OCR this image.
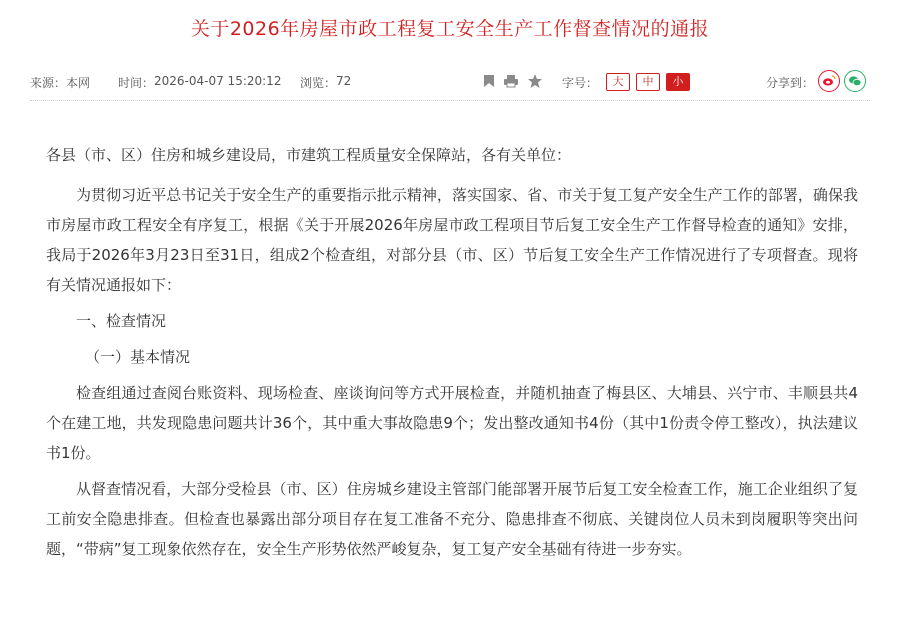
关于2026年房屋市政工程复工安全生产工作督查情况的通报
来源： 本网 时间： 2026-04-07 15:20:12 浏览： 72	字号：	大	中	小	分享到：

各县（市、区）住房和城乡建设局，市建筑工程质量安全保障站，各有关单位：

为贯彻习近平总书记关于安全生产的重要指示批示精神，落实国家、省、市关于复工复产安全生产工作的部署，确保我市房屋市政工程安全有序复工，根据《关于开展2026年房屋市政工程项目节后复工安全生产工作督导检查的通知》安排，我局于2026年3月23日至31日，组成2个检查组，对部分县（市、区）节后复工安全生产工作情况进行了专项督查。现将有关情况通报如下：

一、检查情况

（一）基本情况

检查组通过查阅台账资料、现场检查、座谈询问等方式开展检查，并随机抽查了梅县区、大埔县、兴宁市、丰顺县共4个在建工地，共发现隐患问题共计36个，其中重大事故隐患9个；发出整改通知书4份（其中1份责令停工整改），执法建议书1份。

从督查情况看，大部分受检县（市、区）住房城乡建设主管部门能部署开展节后复工安全检查工作，施工企业组织了复工前安全隐患排查。但检查也暴露出部分项目存在复工准备不充分、隐患排查不彻底、关键岗位人员未到岗履职等突出问题，“带病”复工现象依然存在，安全生产形势依然严峻复杂，复工复产安全基础有待进一步夯实。
